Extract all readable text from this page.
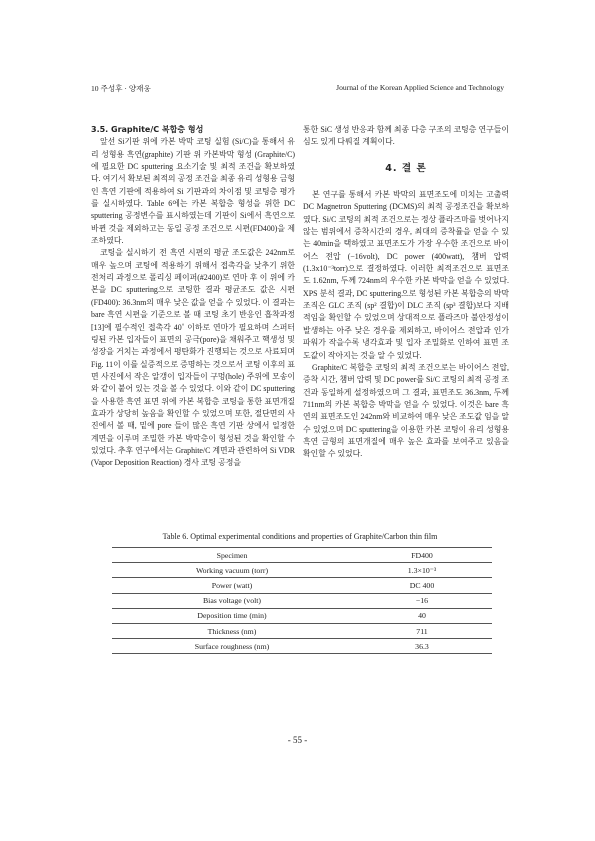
10 주성후 · 양재웅	Journal of the Korean Applied Science and Technology
3.5. Graphite/C 복합층 형성

앞선 Si기판 위에 카본 박막 코팅 실험 (Si/C)을 통해서 유리 성형용 흑연(graphite) 기판 위 카본박막 형성 (Graphite/C)에 필요한 DC sputtering 요소기술 및 최적 조건을 확보하였다. 여기서 확보된 최적의 공정 조건을 최종 유리 성형용 금형인 흑연 기판에 적용하여 Si 기판과의 차이점 및 코팅층 평가를 실시하였다. Table 6에는 카본 복합층 형성을 위한 DC sputtering 공정변수를 표시하였는데 기판이 Si에서 흑연으로 바뀐 것을 제외하고는 동일 공정 조건으로 시편(FD400)을 제조하였다.

코팅을 실시하기 전 흑연 시편의 평균 조도값은 242nm로 매우 높으며 코팅에 적용하기 위해서 접촉각을 낮추기 위한 전처리 과정으로 폴리싱 페이퍼(#2400)로 연마 후 이 위에 카본을 DC sputtering으로 코팅한 결과 평균조도 값은 시편(FD400): 36.3nm의 매우 낮은 값을 얻을 수 있었다. 이 결과는 bare 흑연 시편을 기준으로 볼 때 코팅 초기 반응인 흡착과정[13]에 필수적인 접촉각 40˚ 이하로 연마가 필요하며 스퍼터링된 카본 입자들이 표면의 공극(pore)을 채워주고 핵생성 및 성장을 거치는 과정에서 평탄화가 진행되는 것으로 사료되며 Fig. 11이 이를 실증적으로 증명하는 것으로서 코팅 이후의 표면 사진에서 작은 알갱이 입자들이 구멍(hole) 주위에 모송이와 같이 붙어 있는 것을 볼 수 있었다. 이와 같이 DC sputtering을 사용한 흑연 표면 위에 카본 복합층 코팅을 통한 표면개질 효과가 상당히 높음을 확인할 수 있었으며 또한, 절단면의 사진에서 볼 때, 밑에 pore 들이 많은 흑연 기판 상에서 일정한 계면을 이루며 조밀한 카본 박막층이 형성된 것을 확인할 수 있었다. 추후 연구에서는 Graphite/C 계면과 관련하여 Si VDR (Vapor Deposition Reaction) 경사 코팅 공정을

통한 SiC 생성 반응과 함께 최종 다층 구조의 코팅층 연구들이 심도 있게 다뤄질 계획이다.

4. 결 론

본 연구를 통해서 카본 박막의 표면조도에 미치는 고출력 DC Magnetron Sputtering (DCMS)의 최적 공정조건을 확보하였다. Si/C 코팅의 최적 조건으로는 정상 플라즈마를 벗어나지 않는 범위에서 증착시간의 경우, 최대의 증착률을 얻을 수 있는 40min을 택하였고 표면조도가 가장 우수한 조건으로 바이어스 전압 (−16volt), DC power (400watt), 챔버 압력 (1.3x10⁻³torr)으로 결정하였다. 이러한 최적조건으로 표면조도 1.62nm, 두께 724nm의 우수한 카본 박막을 얻을 수 있었다. XPS 분석 결과, DC sputtering으로 형성된 카본 복합층의 박막조직은 GLC 조직 (sp² 결합)이 DLC 조직 (sp³ 결합)보다 지배적임을 확인할 수 있었으며 상대적으로 플라즈마 불안정성이 발생하는 아주 낮은 경우를 제외하고, 바이어스 전압과 인가 파워가 작을수록 냉각효과 및 입자 조밀화로 인하여 표면 조도값이 작아지는 것을 알 수 있었다.

Graphite/C 복합층 코팅의 최적 조건으로는 바이어스 전압, 증착 시간, 챔버 압력 및 DC power를 Si/C 코팅의 최적 공정 조건과 동일하게 설정하였으며 그 결과, 표면조도 36.3nm, 두께 711nm의 카본 복합층 박막을 얻을 수 있었다. 이것은 bare 흑연의 표면조도인 242nm와 비교하여 매우 낮은 조도값 임을 알 수 있었으며 DC sputtering을 이용한 카본 코팅이 유리 성형용 흑연 금형의 표면개질에 매우 높은 효과를 보여주고 있음을 확인할 수 있었다.

Table 6. Optimal experimental conditions and properties of Graphite/Carbon thin film
Specimen	FD400
Working vacuum (torr)	1.3×10⁻³
Power (watt)	DC 400
Bias voltage (volt)	−16
Deposition time (min)	40
Thickness (nm)	711
Surface roughness (nm)	36.3
- 55 -
